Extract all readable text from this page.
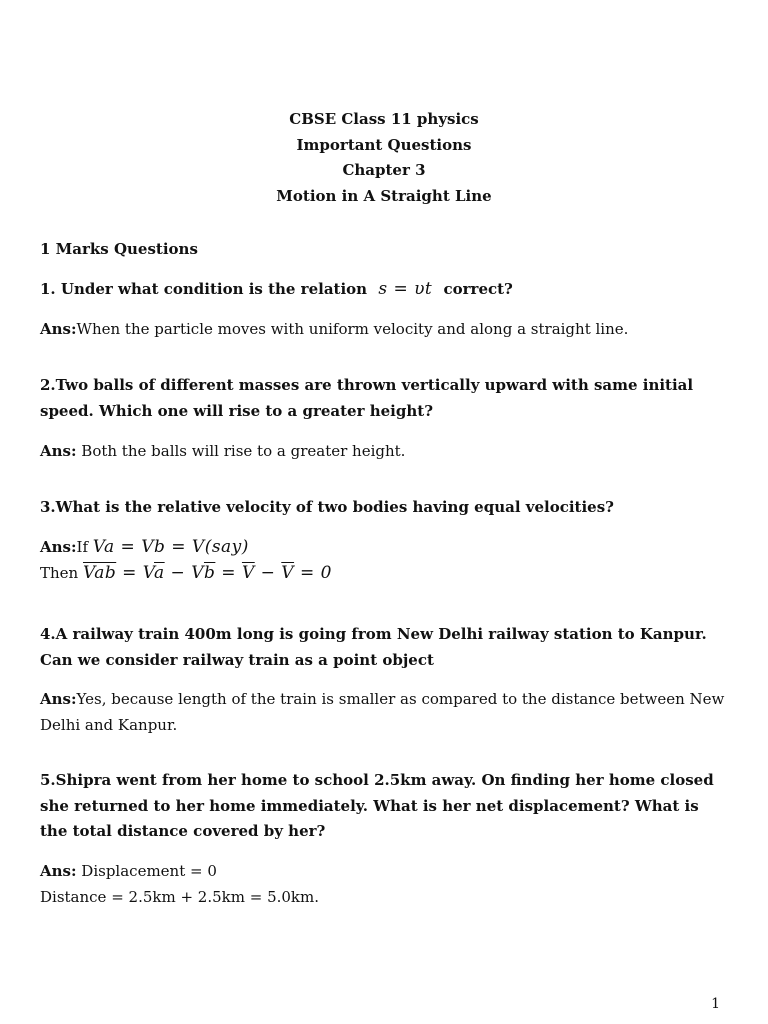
CBSE Class 11 physics
Important Questions
Chapter 3
Motion in A Straight Line
1 Marks Questions
1. Under what condition is the relation s = υt correct?
Ans:When the particle moves with uniform velocity and along a straight line.
2.Two balls of different masses are thrown vertically upward with same initial speed. Which one will rise to a greater height?
Ans: Both the balls will rise to a greater height.
3.What is the relative velocity of two bodies having equal velocities?
Ans:If Va = Vb = V(say)
Then $\overline{Vab} = V\overline{a} - V\overline{b} = \overline{V} - \overline{V} = 0$
4.A railway train 400m long is going from New Delhi railway station to Kanpur. Can we consider railway train as a point object
Ans:Yes, because length of the train is smaller as compared to the distance between New Delhi and Kanpur.
5.Shipra went from her home to school 2.5km away. On finding her home closed she returned to her home immediately. What is her net displacement? What is the total distance covered by her?
Ans: Displacement = 0
Distance = 2.5km + 2.5km = 5.0km.
1
